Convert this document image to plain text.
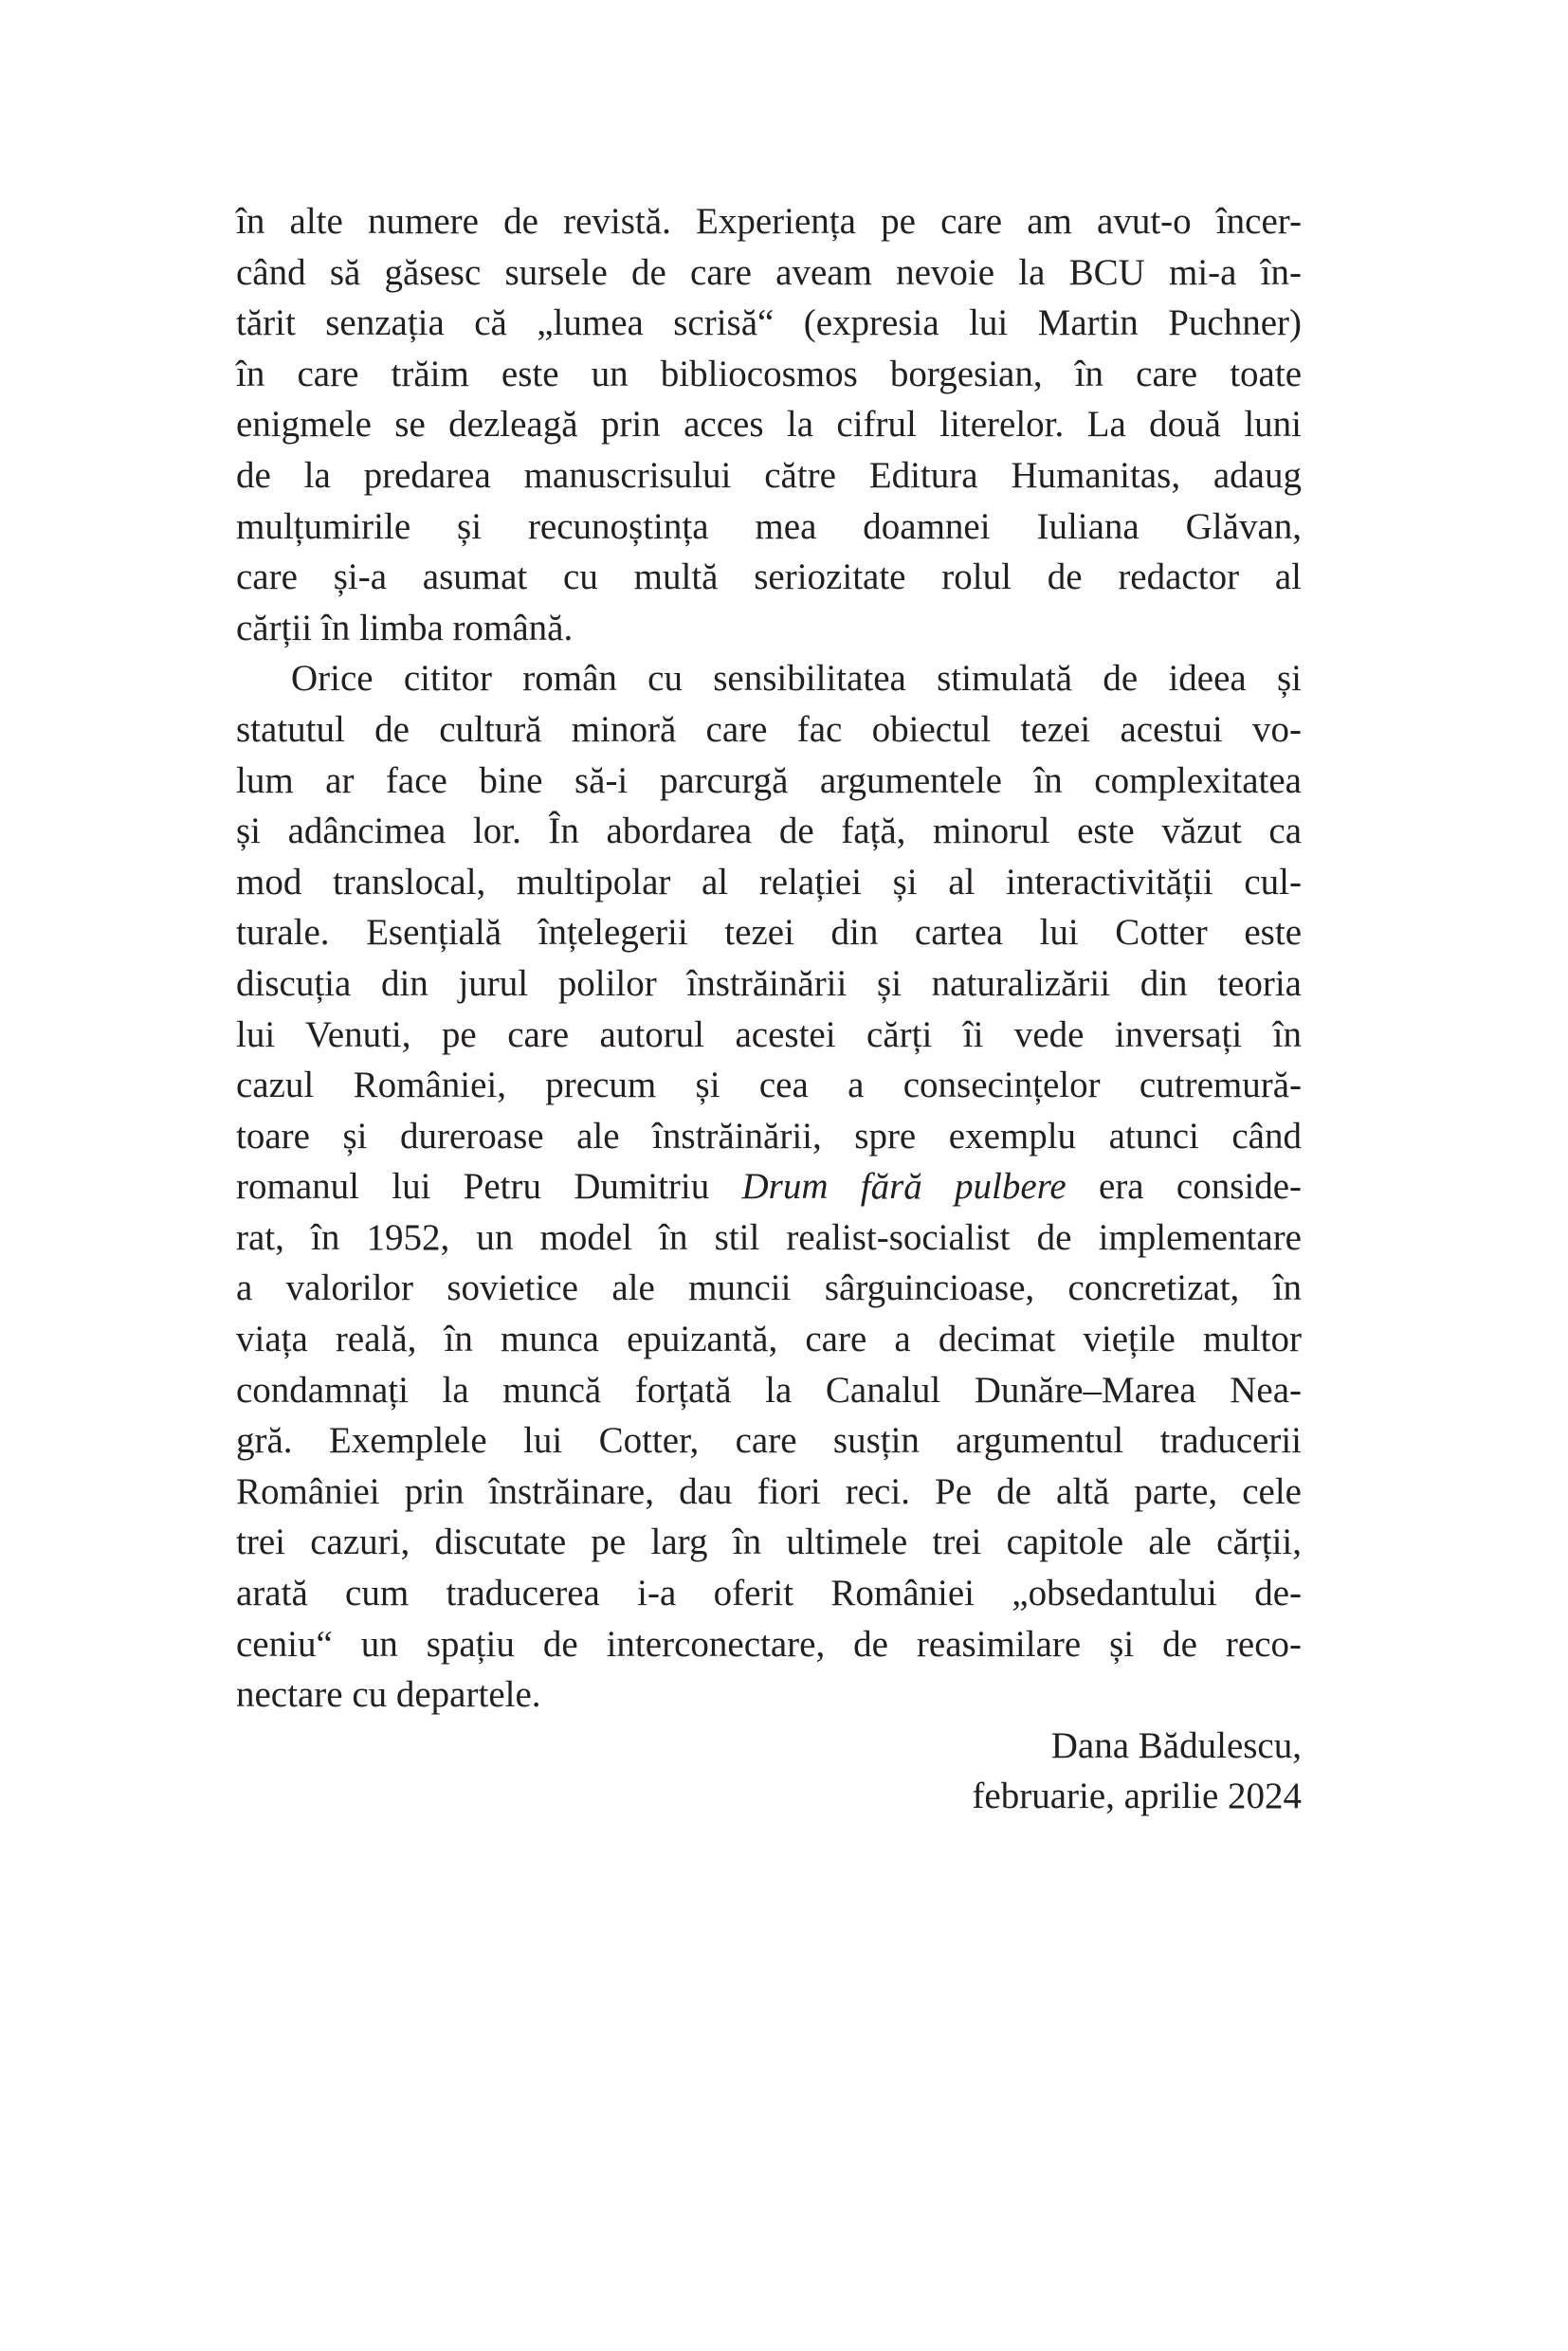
în alte numere de revistă. Experiența pe care am avut-o încer-
când să găsesc sursele de care aveam nevoie la BCU mi-a în-
tărit senzația că „lumea scrisă“ (expresia lui Martin Puchner)
în care trăim este un bibliocosmos borgesian, în care toate
enigmele se dezleagă prin acces la cifrul literelor. La două luni
de la predarea manuscrisului către Editura Humanitas, adaug
mulțumirile și recunoștința mea doamnei Iuliana Glăvan,
care și-a asumat cu multă seriozitate rolul de redactor al
cărții în limba română.
Orice cititor român cu sensibilitatea stimulată de ideea și
statutul de cultură minoră care fac obiectul tezei acestui vo-
lum ar face bine să-i parcurgă argumentele în complexitatea
și adâncimea lor. În abordarea de față, minorul este văzut ca
mod translocal, multipolar al relației și al interactivității cul-
turale. Esențială înțelegerii tezei din cartea lui Cotter este
discuția din jurul polilor înstrăinării și naturalizării din teoria
lui Venuti, pe care autorul acestei cărți îi vede inversați în
cazul României, precum și cea a consecințelor cutremură-
toare și dureroase ale înstrăinării, spre exemplu atunci când
romanul lui Petru Dumitriu Drum fără pulbere era conside-
rat, în 1952, un model în stil realist-socialist de implementare
a valorilor sovietice ale muncii sârguincioase, concretizat, în
viața reală, în munca epuizantă, care a decimat viețile multor
condamnați la muncă forțată la Canalul Dunăre–Marea Nea-
gră. Exemplele lui Cotter, care susțin argumentul traducerii
României prin înstrăinare, dau fiori reci. Pe de altă parte, cele
trei cazuri, discutate pe larg în ultimele trei capitole ale cărții,
arată cum traducerea i-a oferit României „obsedantului de-
ceniu“ un spațiu de interconectare, de reasimilare și de reco-
nectare cu departele.
Dana Bădulescu,
februarie, aprilie 2024
